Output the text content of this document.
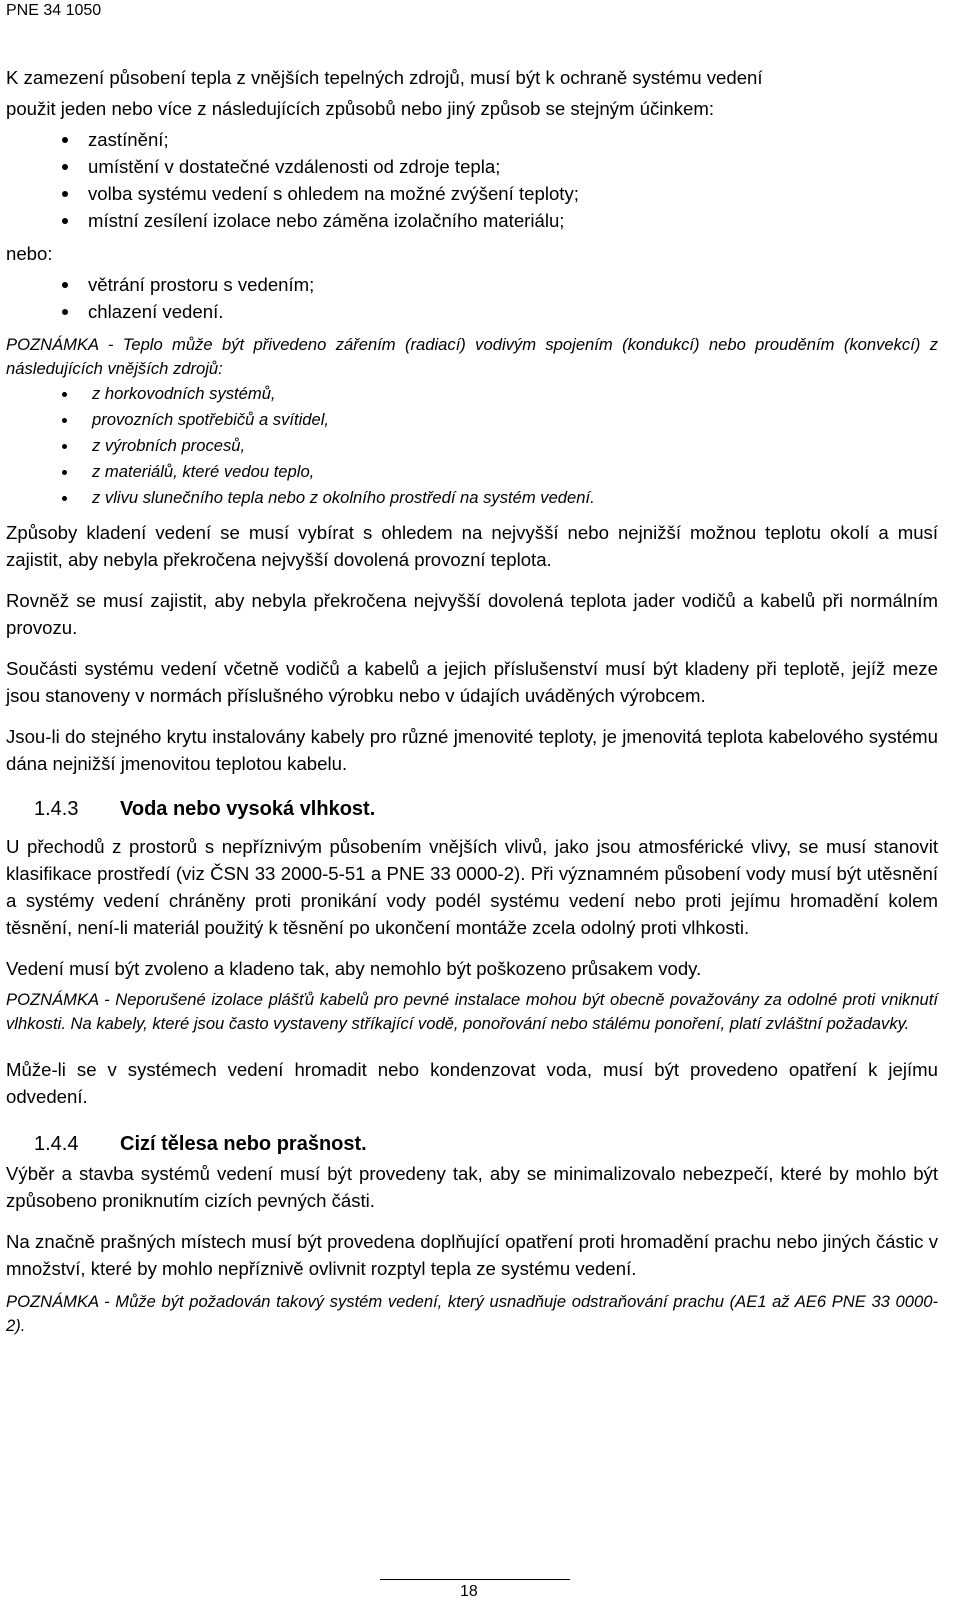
PNE 34 1050

K zamezení působení tepla z vnějších tepelných zdrojů, musí být k ochraně systému vedení

použit jeden nebo více z následujících způsobů nebo jiný způsob se stejným účinkem:

zastínění;
umístění v dostatečné vzdálenosti od zdroje tepla;
volba systému vedení s ohledem na možné zvýšení teploty;
místní zesílení izolace nebo záměna izolačního materiálu;
nebo:
větrání prostoru s vedením;
chlazení vedení.

POZNÁMKA - Teplo může být přivedeno zářením (radiací) vodivým spojením (kondukcí) nebo prouděním (konvekcí) z následujících vnějších zdrojů:

z horkovodních systémů,
provozních spotřebičů a svítidel,
z výrobních procesů,
z materiálů, které vedou teplo,
z vlivu slunečního tepla nebo z okolního prostředí na systém vedení.

Způsoby kladení vedení se musí vybírat s ohledem na nejvyšší nebo nejnižší možnou teplotu okolí a musí zajistit, aby nebyla překročena nejvyšší dovolená provozní teplota.

Rovněž se musí zajistit, aby nebyla překročena nejvyšší dovolená teplota jader vodičů a kabelů při normálním provozu.

Součásti systému vedení včetně vodičů a kabelů a jejich příslušenství musí být kladeny při teplotě, jejíž meze jsou stanoveny v normách příslušného výrobku nebo v údajích uváděných výrobcem.

Jsou-li do stejného krytu instalovány kabely pro různé jmenovité teploty, je jmenovitá teplota kabelového systému dána nejnižší jmenovitou teplotou kabelu.

1.4.3	Voda nebo vysoká vlhkost.

U přechodů z prostorů s nepříznivým působením vnějších vlivů, jako jsou atmosférické vlivy, se musí stanovit klasifikace prostředí (viz ČSN 33 2000-5-51 a PNE 33 0000-2). Při významném působení vody musí být utěsnění a systémy vedení chráněny proti pronikání vody podél systému vedení nebo proti jejímu hromadění kolem těsnění, není-li materiál použitý k těsnění po ukončení montáže zcela odolný proti vlhkosti.

Vedení musí být zvoleno a kladeno tak, aby nemohlo být poškozeno průsakem vody.

POZNÁMKA - Neporušené izolace plášťů kabelů pro pevné instalace mohou být obecně považovány za odolné proti vniknutí vlhkosti. Na kabely, které jsou často vystaveny stříkající vodě, ponořování nebo stálému ponoření, platí zvláštní požadavky.

Může-li se v systémech vedení hromadit nebo kondenzovat voda, musí být provedeno opatření k jejímu odvedení.

1.4.4	Cizí tělesa nebo prašnost.

Výběr a stavba systémů vedení musí být provedeny tak, aby se minimalizovalo nebezpečí, které by mohlo být způsobeno proniknutím cizích pevných části.

Na značně prašných místech musí být provedena doplňující opatření proti hromadění prachu nebo jiných částic v množství, které by mohlo nepříznivě ovlivnit rozptyl tepla ze systému vedení.

POZNÁMKA - Může být požadován takový systém vedení, který usnadňuje odstraňování prachu (AE1 až AE6 PNE 33 0000-2).

18
